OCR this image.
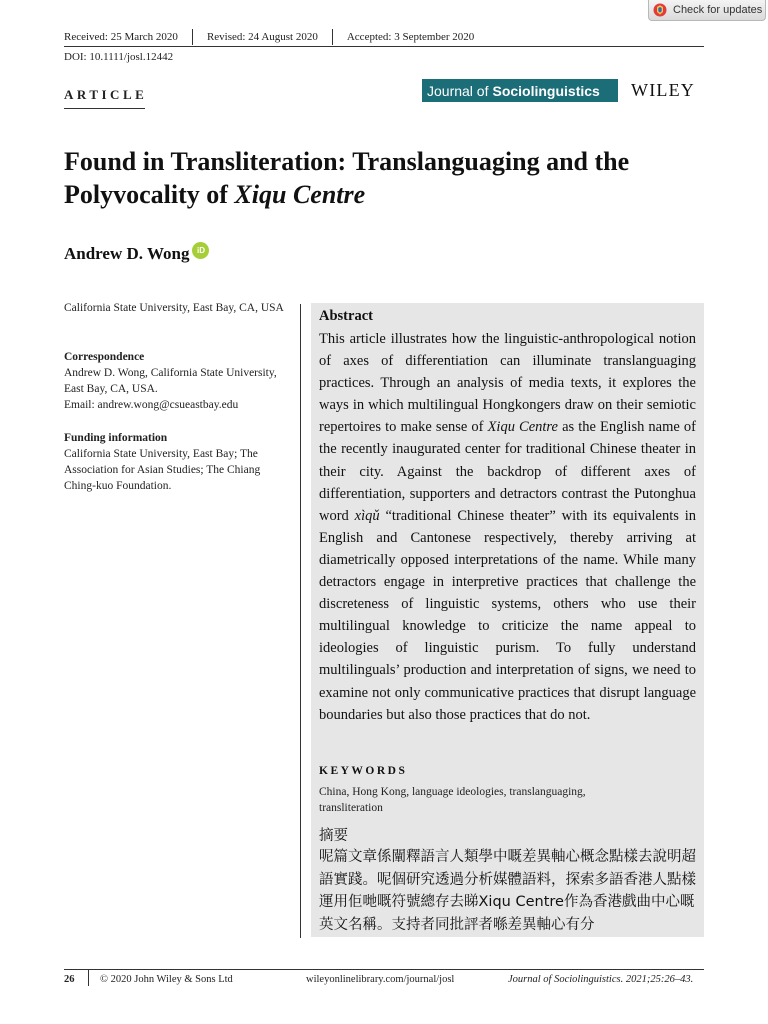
Check for updates
Received: 25 March 2020	Revised: 24 August 2020	Accepted: 3 September 2020
DOI: 10.1111/josl.12442
ARTICLE	Journal of Sociolinguistics WILEY
Found in Transliteration: Translanguaging and the
Polyvocality of Xiqu Centre
Andrew D. Wong iD

California State University, East Bay, CA, USA

Correspondence

Andrew D. Wong, California State University, East Bay, CA, USA.

Email: andrew.wong@csueastbay.edu

Funding information

California State University, East Bay; The Association for Asian Studies; The Chiang Ching-kuo Foundation.

Abstract
This article illustrates how the linguistic-anthropological notion of axes of differentiation can illuminate translanguaging practices. Through an analysis of media texts, it explores the ways in which multilingual Hongkongers draw on their semiotic repertoires to make sense of Xiqu Centre as the English name of the recently inaugurated center for traditional Chinese theater in their city. Against the backdrop of different axes of differentiation, supporters and detractors contrast the Putonghua word xìqǔ “traditional Chinese theater” with its equivalents in English and Cantonese respectively, thereby arriving at diametrically opposed interpretations of the name. While many detractors engage in interpretive practices that challenge the discreteness of linguistic systems, others who use their multilingual knowledge to criticize the name appeal to ideologies of linguistic purism. To fully understand multilinguals’ production and interpretation of signs, we need to examine not only communicative practices that disrupt language boundaries but also those practices that do not.
KEYWORDS
China, Hong Kong, language ideologies, translanguaging, transliteration
摘要
呢篇文章係闡釋語言人類學中嘅差異軸心概念點樣去說明超語實踐。呢個研究透過分析媒體語料，探索多語香港人點樣運用佢哋嘅符號總存去睇Xiqu Centre作為香港戲曲中心嘅英文名稱。支持者同批評者喺差異軸心有分
26 © 2020 John Wiley & Sons Ltd	wileyonlinelibrary.com/journal/josl	Journal of Sociolinguistics. 2021;25:26–43.
